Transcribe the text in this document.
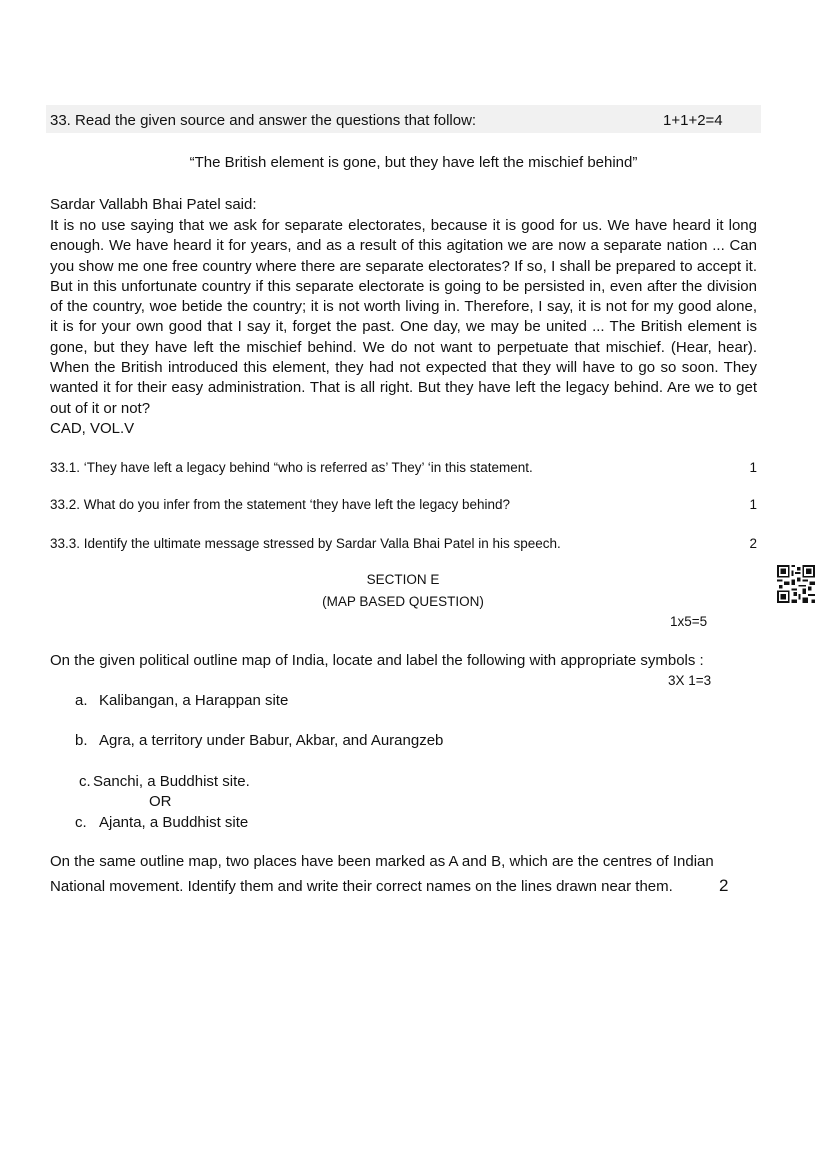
33. Read the given source and answer the questions that follow:	1+1+2=4
“The British element is gone, but they have left the mischief behind”
Sardar Vallabh Bhai Patel said:

It is no use saying that we ask for separate electorates, because it is good for us. We have heard it long enough. We have heard it for years, and as a result of this agitation we are now a separate nation ... Can you show me one free country where there are separate electorates? If so, I shall be prepared to accept it. But in this unfortunate country if this separate electorate is going to be persisted in, even after the division of the country, woe betide the country; it is not worth living in. Therefore, I say, it is not for my good alone, it is for your own good that I say it, forget the past. One day, we may be united ... The British element is gone, but they have left the mischief behind. We do not want to perpetuate that mischief. (Hear, hear). When the British introduced this element, they had not expected that they will have to go so soon. They wanted it for their easy administration. That is all right. But they have left the legacy behind. Are we to get out of it or not?

CAD, VOL.V
33.1. ‘They have left a legacy behind “who is referred as’ They’ ‘in this statement.	1
33.2. What do you infer from the statement ‘they have left the legacy behind?	1
33.3. Identify the ultimate message stressed by Sardar Valla Bhai Patel in his speech.	2
SECTION E
(MAP BASED QUESTION)
1x5=5
On the given political outline map of India, locate and label the following with appropriate symbols :
3X 1=3
a. Kalibangan, a Harappan site
b. Agra, a territory under Babur, Akbar, and Aurangzeb
c. Sanchi, a Buddhist site.
OR
c. Ajanta, a Buddhist site
On the same outline map, two places have been marked as A and B, which are the centres of Indian
National movement. Identify them and write their correct names on the lines drawn near them.	2
